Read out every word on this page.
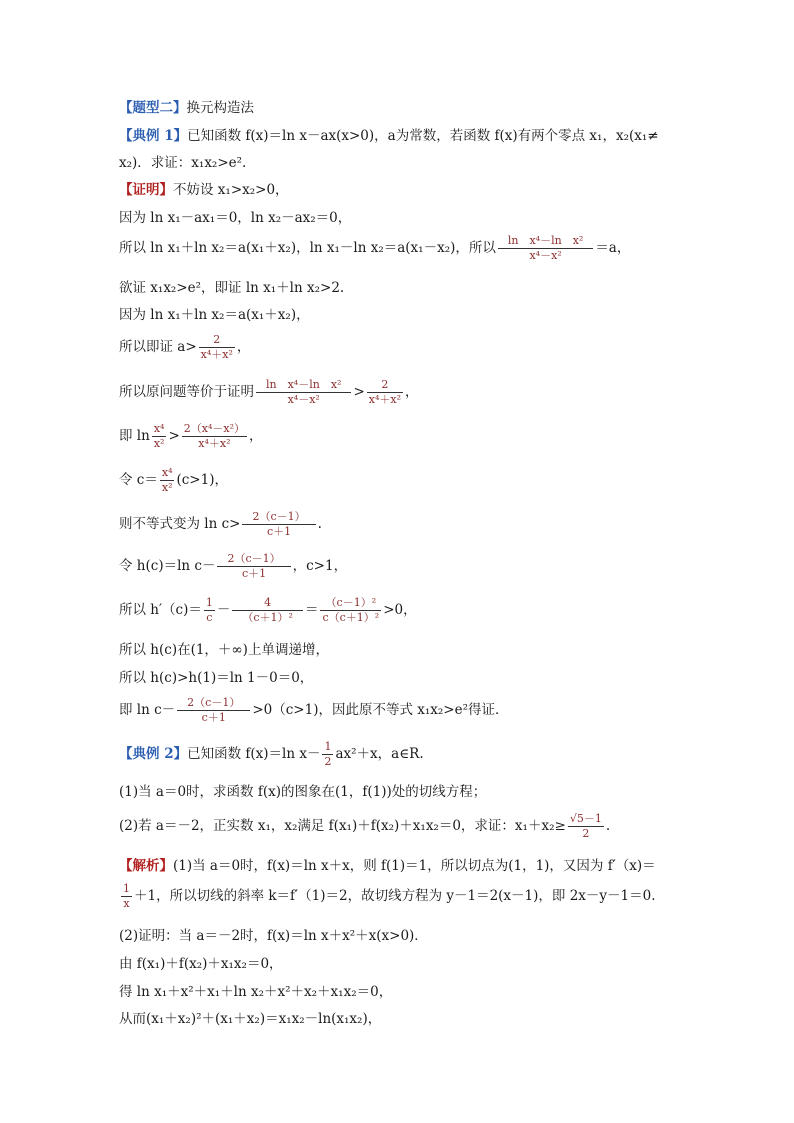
【题型二】换元构造法
【典例 1】已知函数 f(x)＝ln x－ax(x>0)，a为常数，若函数 f(x)有两个零点 x₁，x₂(x₁≠
x₂)．求证：x₁x₂>e².
【证明】不妨设 x₁>x₂>0，
因为 ln x₁－ax₁＝0，ln x₂－ax₂＝0，
所以 ln x₁＋ln x₂＝a(x₁＋x₂)，ln x₁－ln x₂＝a(x₁－x₂)，所以 $\frac{\text{ln　x⁴－ln　x²}}{\text{x⁴－x²}} =a$，
欲证 x₁x₂>e²，即证 ln x₁＋ln x₂>2.
因为 ln x₁＋ln x₂＝a(x₁＋x₂)，
所以即证 $a> \frac{2}{\text{x⁴＋x²}}$ ，
所以原问题等价于证明 $\frac{\text{ln　x⁴－ln　x²}}{\text{x⁴－x²}} > \frac{2}{\text{x⁴＋x²}}$ ，
即 $\ln \frac{\text{x⁴}}{\text{x²}} > \frac{\text{2（x⁴－x²）}}{\text{x⁴＋x²}}$ ，
令 $c= \frac{\text{x⁴}}{\text{x²}} (c>1)$，
则不等式变为 $\ln c> \frac{2(c-1)}{c+1}$ .
令 h(c)＝ln $c- \frac{2(c-1)}{c+1}$ ，c>1，
所以 $h'(c)= \frac{1}{c} - \frac{4}{\text{（c＋1）²}} = \frac{\text{（c－1）²}}{\text{c（c＋1）²}} >0$，
所以 h(c)在(1，＋∞)上单调递增，
所以 h(c)>h(1)＝ln 1－0＝0，
即 $\ln c- \frac{2(c-1)}{c+1} >0(c>1)$，因此原不等式 x₁x₂>e²得证．
【典例 2】已知函数 f(x)＝ln $x- \frac{1}{2} ax^2+x$，a∈R.
(1)当 a＝0时，求函数 f(x)的图象在(1，f(1))处的切线方程；
(2)若 a＝－2，正实数 x₁，x₂满足 f(x₁)＋f(x₂)＋x₁x₂＝0，求证：$x_1+x_2\ge \frac{√5-1}{2}$ .
【解析】(1)当 a＝0时，f(x)＝ln x＋x，则 f(1)＝1，所以切点为(1，1)，又因为 f′（x)＝
$\frac{1}{x} +1$，所以切线的斜率 k＝f′（1)＝2，故切线方程为 y－1＝2(x－1)，即 2x－y－1＝0.
(2)证明：当 a＝－2时，f(x)＝ln x＋x²＋x(x>0)．
由 f(x₁)＋f(x₂)＋x₁x₂＝0，
得 ln x₁＋x²＋x₁＋ln x₂＋x²＋x₂＋x₁x₂＝0，
从而(x₁＋x₂)²＋(x₁＋x₂)＝x₁x₂－ln(x₁x₂)，
